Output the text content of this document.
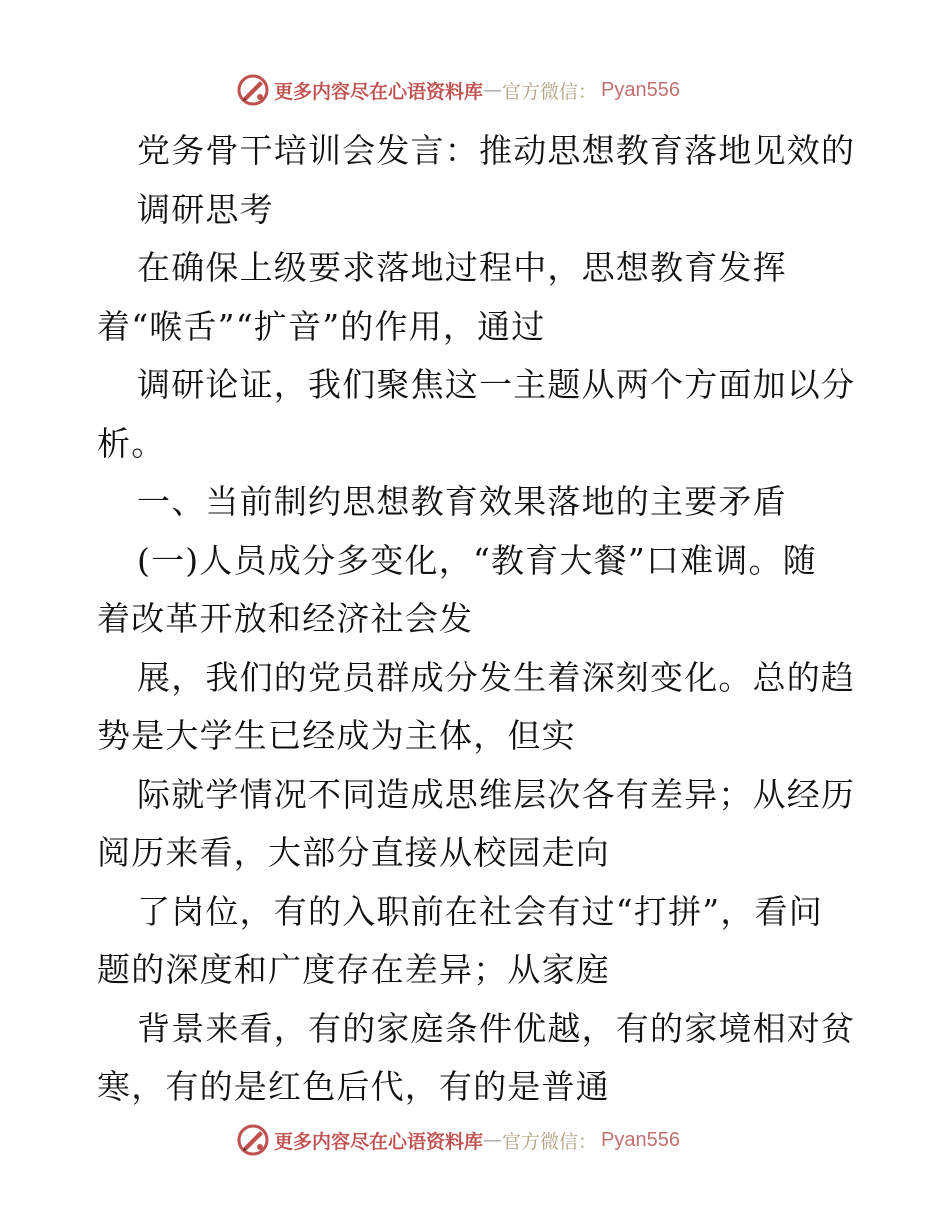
更多内容尽在心语资料库 — 官方微信： Pyan556
党务骨干培训会发言：推动思想教育落地见效的
调研思考
在确保上级要求落地过程中，思想教育发挥
着“喉舌”“扩音”的作用，通过
调研论证，我们聚焦这一主题从两个方面加以分
析。
一、当前制约思想教育效果落地的主要矛盾
(一)人员成分多变化，“教育大餐”口难调。随
着改革开放和经济社会发
展，我们的党员群成分发生着深刻变化。总的趋
势是大学生已经成为主体，但实
际就学情况不同造成思维层次各有差异；从经历
阅历来看，大部分直接从校园走向
了岗位，有的入职前在社会有过“打拼”，看问
题的深度和广度存在差异；从家庭
背景来看，有的家庭条件优越，有的家境相对贫
寒，有的是红色后代，有的是普通
更多内容尽在心语资料库 — 官方微信： Pyan556
